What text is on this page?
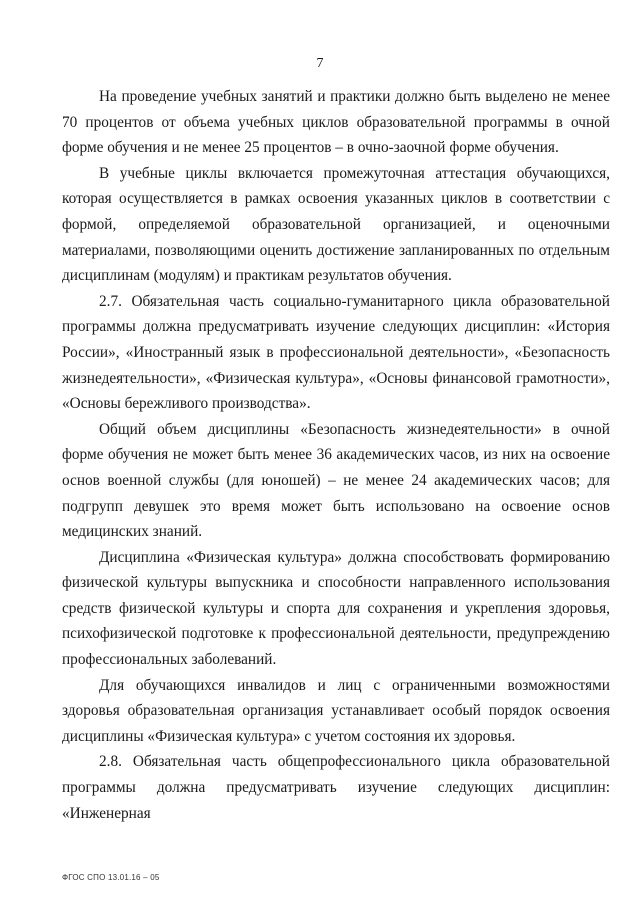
7

На проведение учебных занятий и практики должно быть выделено не менее 70 процентов от объема учебных циклов образовательной программы в очной форме обучения и не менее 25 процентов – в очно-заочной форме обучения.

В учебные циклы включается промежуточная аттестация обучающихся, которая осуществляется в рамках освоения указанных циклов в соответствии с формой, определяемой образовательной организацией, и оценочными материалами, позволяющими оценить достижение запланированных по отдельным дисциплинам (модулям) и практикам результатов обучения.

2.7. Обязательная часть социально-гуманитарного цикла образовательной программы должна предусматривать изучение следующих дисциплин: «История России», «Иностранный язык в профессиональной деятельности», «Безопасность жизнедеятельности», «Физическая культура», «Основы финансовой грамотности», «Основы бережливого производства».

Общий объем дисциплины «Безопасность жизнедеятельности» в очной форме обучения не может быть менее 36 академических часов, из них на освоение основ военной службы (для юношей) – не менее 24 академических часов; для подгрупп девушек это время может быть использовано на освоение основ медицинских знаний.

Дисциплина «Физическая культура» должна способствовать формированию физической культуры выпускника и способности направленного использования средств физической культуры и спорта для сохранения и укрепления здоровья, психофизической подготовке к профессиональной деятельности, предупреждению профессиональных заболеваний.

Для обучающихся инвалидов и лиц с ограниченными возможностями здоровья образовательная организация устанавливает особый порядок освоения дисциплины «Физическая культура» с учетом состояния их здоровья.

2.8. Обязательная часть общепрофессионального цикла образовательной программы должна предусматривать изучение следующих дисциплин: «Инженерная

ФГОС СПО 13.01.16 – 05
